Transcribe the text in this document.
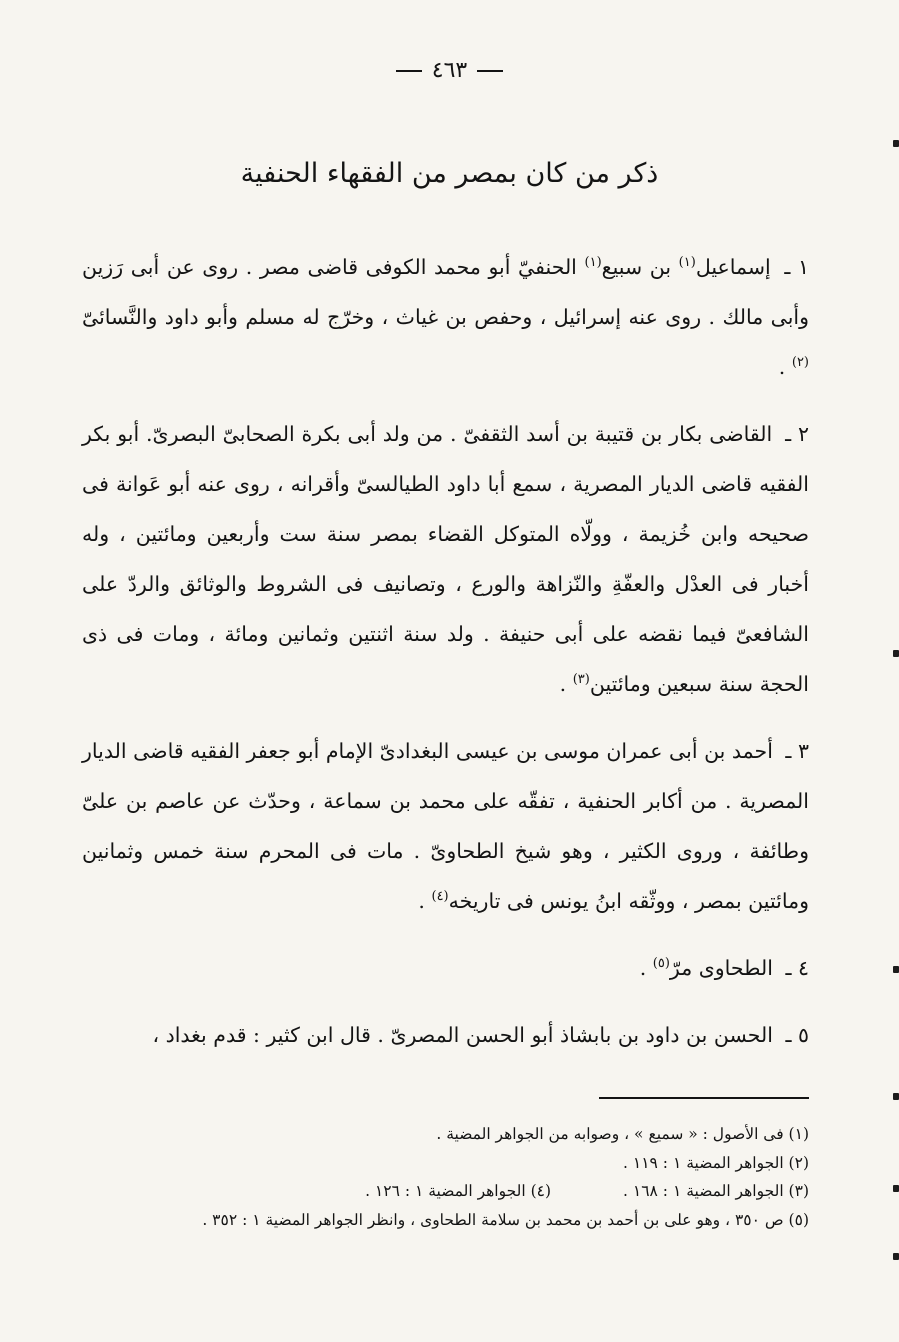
٤٦٣
ذكر من كان بمصر من الفقهاء الحنفية

١ ـ إسماعيل$^{(١)}$ بن سبيع$^{(١)}$ الحنفيّ أبو محمد الكوفى قاضى مصر . روى عن أبى رَزين وأبى مالك . روى عنه إسرائيل ، وحفص بن غياث ، وخرّج له مسلم وأبو داود والنَّسائىّ $^{(٢)}$ .

٢ ـ القاضى بكار بن قتيبة بن أسد الثقفىّ . من ولد أبى بكرة الصحابىّ البصرىّ. أبو بكر الفقيه قاضى الديار المصرية ، سمع أبا داود الطيالسىّ وأقرانه ، روى عنه أبو عَوانة فى صحيحه وابن خُزيمة ، وولّاه المتوكل القضاء بمصر سنة ست وأربعين ومائتين ، وله أخبار فى العدْل والعفّةِ والنّزاهة والورع ، وتصانيف فى الشروط والوثائق والردّ على الشافعىّ فيما نقضه على أبى حنيفة . ولد سنة اثنتين وثمانين ومائة ، ومات فى ذى الحجة سنة سبعين ومائتين$^{(٣)}$ .

٣ ـ أحمد بن أبى عمران موسى بن عيسى البغدادىّ الإمام أبو جعفر الفقيه قاضى الديار المصرية . من أكابر الحنفية ، تفقّه على محمد بن سماعة ، وحدّث عن عاصم بن علىّ وطائفة ، وروى الكثير ، وهو شيخ الطحاوىّ . مات فى المحرم سنة خمس وثمانين ومائتين بمصر ، ووثّقه ابنُ يونس فى تاريخه$^{(٤)}$ .

٤ ـ الطحاوى مرّ$^{(٥)}$ .

٥ ـ الحسن بن داود بن بابشاذ أبو الحسن المصرىّ . قال ابن كثير : قدم بغداد ،

(١) فى الأصول : « سميع » ، وصوابه من الجواهر المضية .
(٢) الجواهر المضية ١ : ١١٩ .
(٣) الجواهر المضية ١ : ١٦٨ .(٤) الجواهر المضية ١ : ١٢٦ .
(٥) ص ٣٥٠ ، وهو على بن أحمد بن محمد بن سلامة الطحاوى ، وانظر الجواهر المضية ١ : ٣٥٢ .
